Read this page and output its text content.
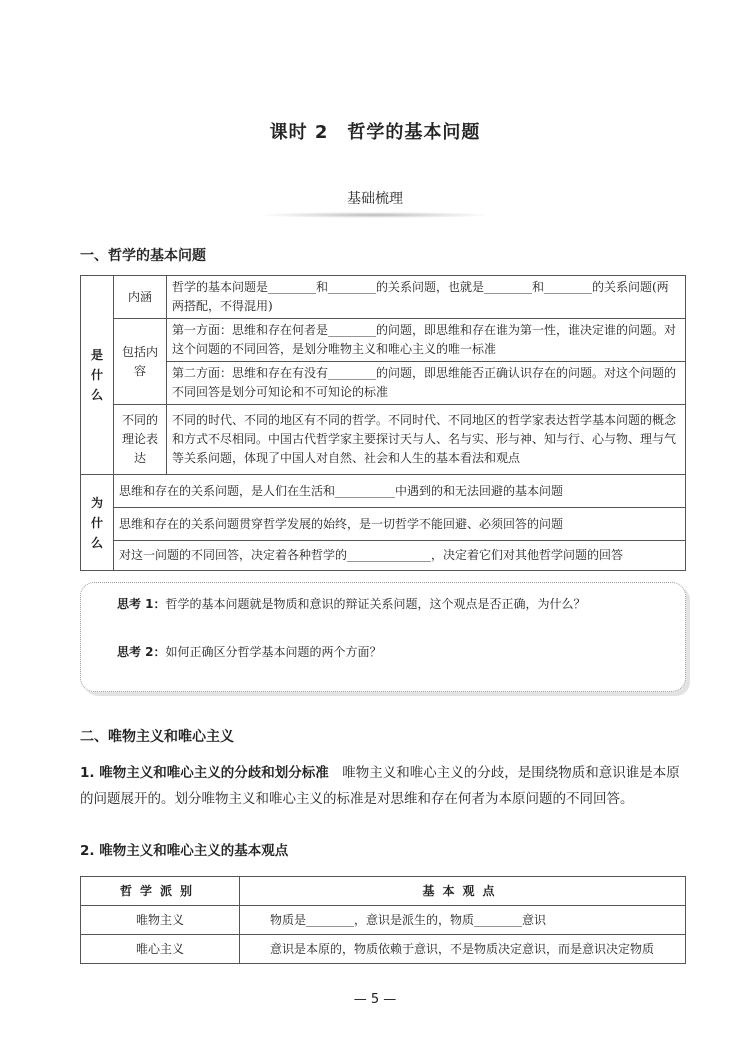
课时 2　哲学的基本问题
基础梳理
一、哲学的基本问题
是什么	内涵	哲学的基本问题是________和________的关系问题，也就是________和________的关系问题(两两搭配，不得混用)
	包括内容	第一方面：思维和存在何者是________的问题，即思维和存在谁为第一性，谁决定谁的问题。对这个问题的不同回答，是划分唯物主义和唯心主义的唯一标准
		第二方面：思维和存在有没有________的问题，即思维能否正确认识存在的问题。对这个问题的不同回答是划分可知论和不可知论的标准
	不同的理论表达	不同的时代、不同的地区有不同的哲学。不同时代、不同地区的哲学家表达哲学基本问题的概念和方式不尽相同。中国古代哲学家主要探讨天与人、名与实、形与神、知与行、心与物、理与气等关系问题，体现了中国人对自然、社会和人生的基本看法和观点
为什么	思维和存在的关系问题，是人们在生活和__________中遇到的和无法回避的基本问题	
	思维和存在的关系问题贯穿哲学发展的始终，是一切哲学不能回避、必须回答的问题	
	对这一问题的不同回答，决定着各种哲学的______________，决定着它们对其他哲学问题的回答	
思考 1：哲学的基本问题就是物质和意识的辩证关系问题，这个观点是否正确，为什么？
思考 2：如何正确区分哲学基本问题的两个方面？
二、唯物主义和唯心主义
1. 唯物主义和唯心主义的分歧和划分标准　唯物主义和唯心主义的分歧，是围绕物质和意识谁是本原的问题展开的。划分唯物主义和唯心主义的标准是对思维和存在何者为本原问题的不同回答。
2. 唯物主义和唯心主义的基本观点
哲学派别	基本观点
唯物主义	物质是________，意识是派生的，物质________意识
唯心主义	意识是本原的，物质依赖于意识，不是物质决定意识，而是意识决定物质
— 5 —
